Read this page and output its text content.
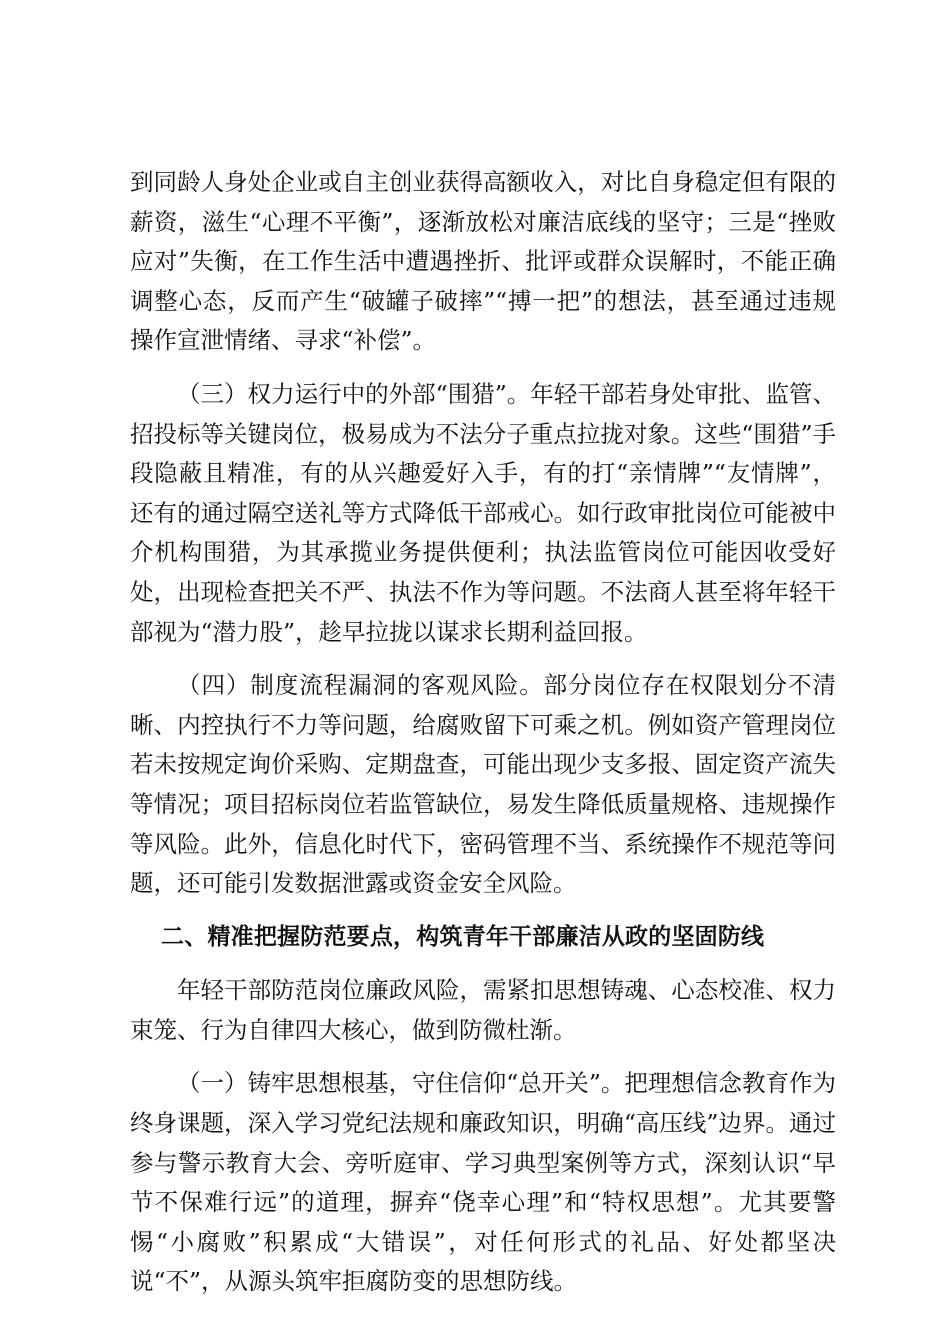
到同龄人身处企业或自主创业获得高额收入，对比自身稳定但有限的薪资，滋生“心理不平衡”，逐渐放松对廉洁底线的坚守；三是“挫败应对”失衡，在工作生活中遭遇挫折、批评或群众误解时，不能正确调整心态，反而产生“破罐子破摔”“搏一把”的想法，甚至通过违规操作宣泄情绪、寻求“补偿”。

（三）权力运行中的外部“围猎”。年轻干部若身处审批、监管、招投标等关键岗位，极易成为不法分子重点拉拢对象。这些“围猎”手段隐蔽且精准，有的从兴趣爱好入手，有的打“亲情牌”“友情牌”，还有的通过隔空送礼等方式降低干部戒心。如行政审批岗位可能被中介机构围猎，为其承揽业务提供便利；执法监管岗位可能因收受好处，出现检查把关不严、执法不作为等问题。不法商人甚至将年轻干部视为“潜力股”，趁早拉拢以谋求长期利益回报。

（四）制度流程漏洞的客观风险。部分岗位存在权限划分不清晰、内控执行不力等问题，给腐败留下可乘之机。例如资产管理岗位若未按规定询价采购、定期盘查，可能出现少支多报、固定资产流失等情况；项目招标岗位若监管缺位，易发生降低质量规格、违规操作等风险。此外，信息化时代下，密码管理不当、系统操作不规范等问题，还可能引发数据泄露或资金安全风险。

二、精准把握防范要点，构筑青年干部廉洁从政的坚固防线

年轻干部防范岗位廉政风险，需紧扣思想铸魂、心态校准、权力束笼、行为自律四大核心，做到防微杜渐。

（一）铸牢思想根基，守住信仰“总开关”。把理想信念教育作为终身课题，深入学习党纪法规和廉政知识，明确“高压线”边界。通过参与警示教育大会、旁听庭审、学习典型案例等方式，深刻认识“早节不保难行远”的道理，摒弃“侥幸心理”和“特权思想”。尤其要警惕“小腐败”积累成“大错误”，对任何形式的礼品、好处都坚决说“不”，从源头筑牢拒腐防变的思想防线。
